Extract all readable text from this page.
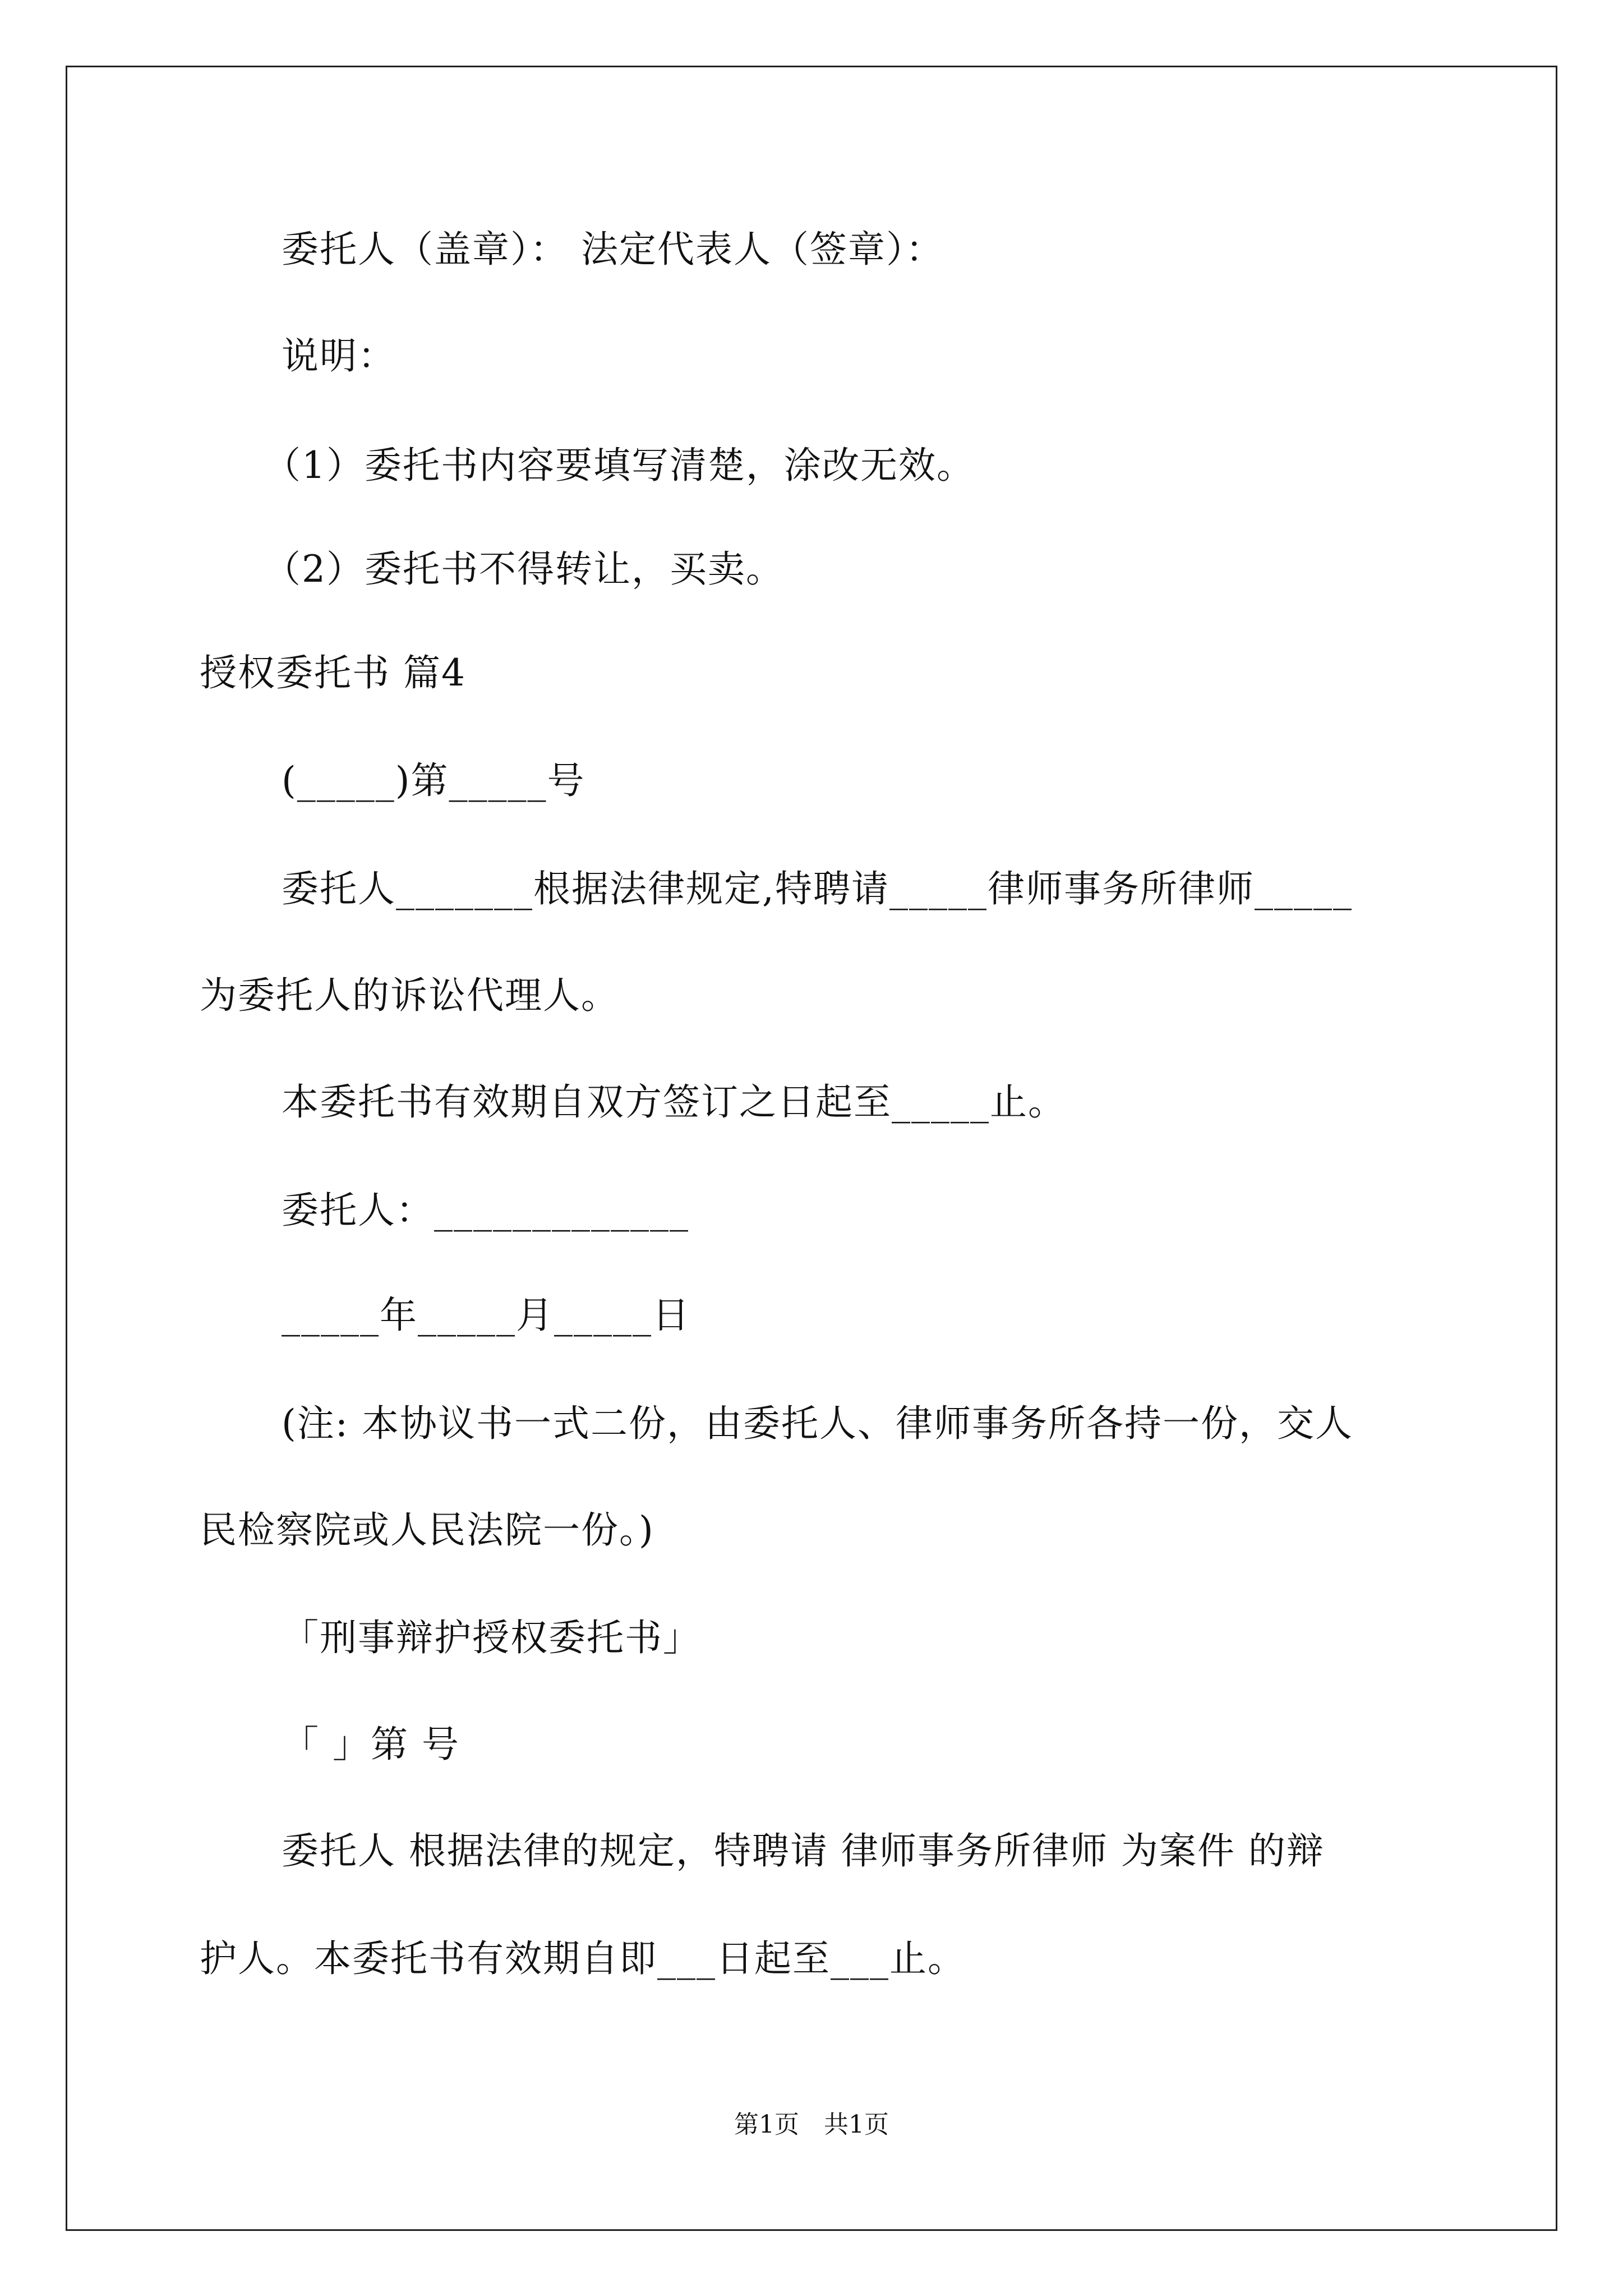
委托人（盖章）： 法定代表人（签章）：
说明：
（1）委托书内容要填写清楚，涂改无效。
（2）委托书不得转让，买卖。
授权委托书 篇4
(_____)第_____号
委托人_______根据法律规定,特聘请_____律师事务所律师_____
为委托人的诉讼代理人。
本委托书有效期自双方签订之日起至_____止。
委托人：_____________
_____年_____月_____日
(注: 本协议书一式二份，由委托人、律师事务所各持一份，交人
民检察院或人民法院一份。)
「刑事辩护授权委托书」
「 」第 号
委托人 根据法律的规定，特聘请 律师事务所律师 为案件 的辩
护人。本委托书有效期自即___日起至___止。
第1页　共1页
